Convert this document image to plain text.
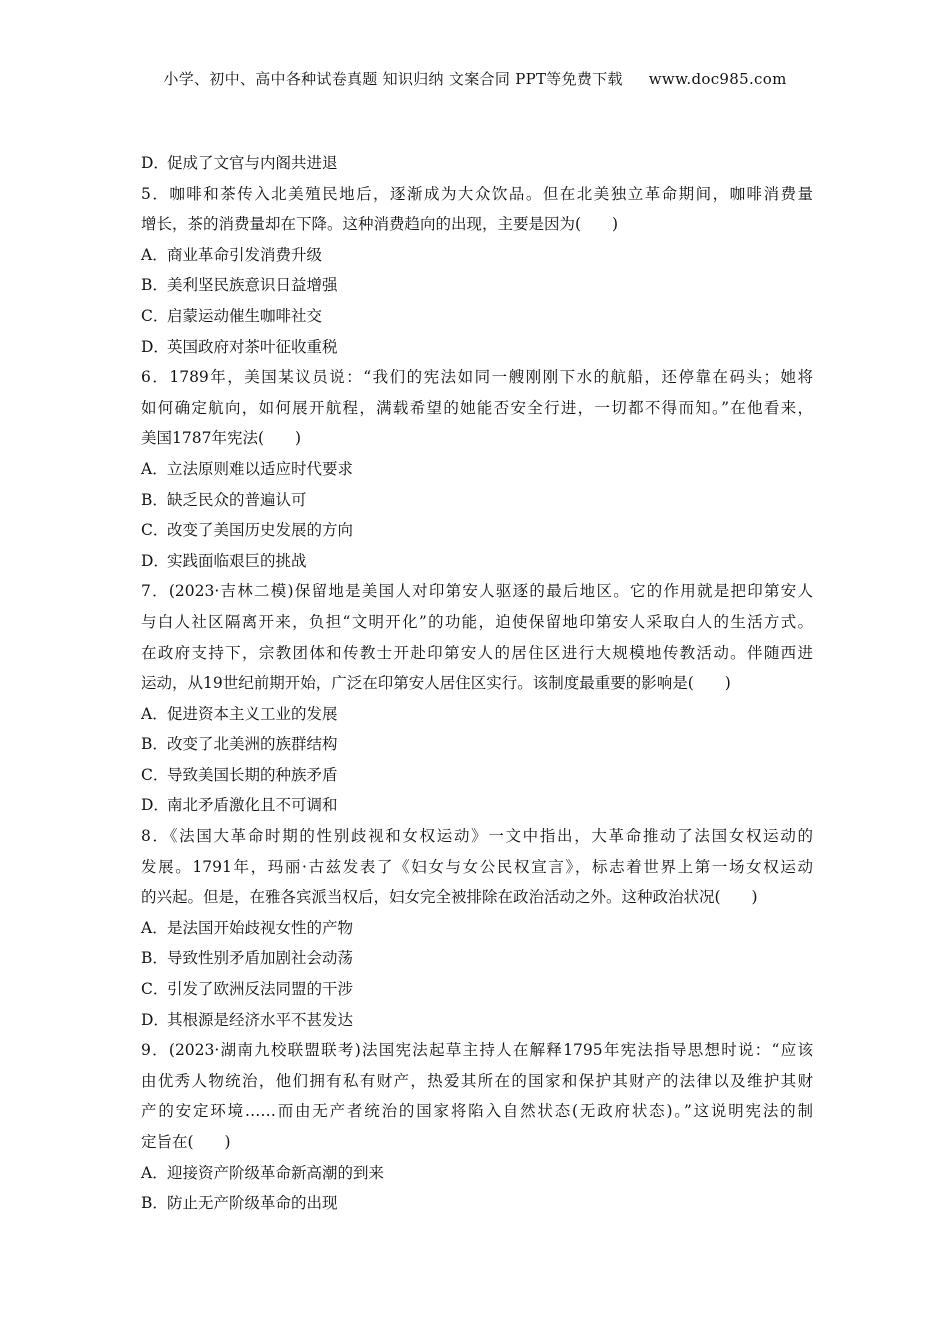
小学、初中、高中各种试卷真题 知识归纳 文案合同 PPT等免费下载 www.doc985.com
D．促成了文官与内阁共进退
5．咖啡和茶传入北美殖民地后，逐渐成为大众饮品。但在北美独立革命期间，咖啡消费量
增长，茶的消费量却在下降。这种消费趋向的出现，主要是因为(　　)
A．商业革命引发消费升级
B．美利坚民族意识日益增强
C．启蒙运动催生咖啡社交
D．英国政府对茶叶征收重税
6．1789年，美国某议员说：“我们的宪法如同一艘刚刚下水的航船，还停靠在码头；她将
如何确定航向，如何展开航程，满载希望的她能否安全行进，一切都不得而知。”在他看来，
美国1787年宪法(　　)
A．立法原则难以适应时代要求
B．缺乏民众的普遍认可
C．改变了美国历史发展的方向
D．实践面临艰巨的挑战
7．(2023·吉林二模)保留地是美国人对印第安人驱逐的最后地区。它的作用就是把印第安人
与白人社区隔离开来，负担“文明开化”的功能，迫使保留地印第安人采取白人的生活方式。
在政府支持下，宗教团体和传教士开赴印第安人的居住区进行大规模地传教活动。伴随西进
运动，从19世纪前期开始，广泛在印第安人居住区实行。该制度最重要的影响是(　　)
A．促进资本主义工业的发展
B．改变了北美洲的族群结构
C．导致美国长期的种族矛盾
D．南北矛盾激化且不可调和
8．《法国大革命时期的性别歧视和女权运动》一文中指出，大革命推动了法国女权运动的
发展。1791年，玛丽·古兹发表了《妇女与女公民权宣言》，标志着世界上第一场女权运动
的兴起。但是，在雅各宾派当权后，妇女完全被排除在政治活动之外。这种政治状况(　　)
A．是法国开始歧视女性的产物
B．导致性别矛盾加剧社会动荡
C．引发了欧洲反法同盟的干涉
D．其根源是经济水平不甚发达
9．(2023·湖南九校联盟联考)法国宪法起草主持人在解释1795年宪法指导思想时说：“应该
由优秀人物统治，他们拥有私有财产，热爱其所在的国家和保护其财产的法律以及维护其财
产的安定环境……而由无产者统治的国家将陷入自然状态(无政府状态)。”这说明宪法的制
定旨在(　　)
A．迎接资产阶级革命新高潮的到来
B．防止无产阶级革命的出现
